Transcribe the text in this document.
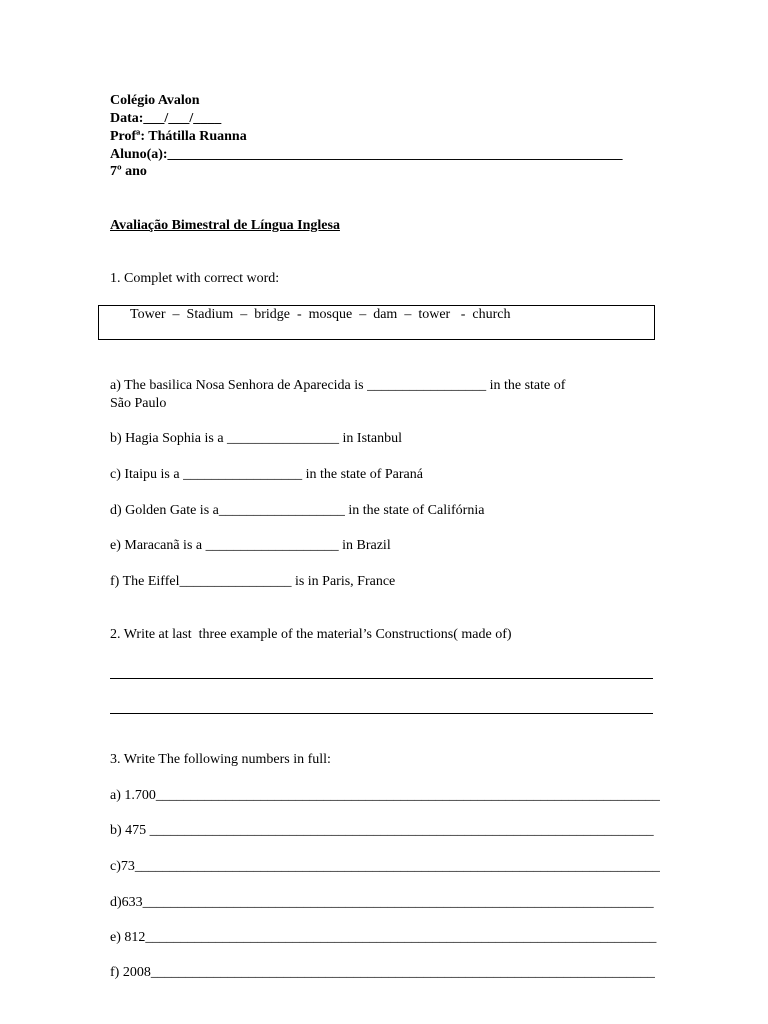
Colégio Avalon
Data:___/___/____
Profª: Thátilla Ruanna
Aluno(a):_________________________________________________________________
7º ano
Avaliação Bimestral de Língua Inglesa
1. Complet with correct word:
Tower  –  Stadium  –  bridge  -  mosque  –  dam  –  tower   -  church
a) The basilica Nosa Senhora de Aparecida is _________________ in the state of
São Paulo
b) Hagia Sophia is a ________________ in Istanbul
c) Itaipu is a _________________ in the state of Paraná
d) Golden Gate is a__________________ in the state of Califórnia
e) Maracanã is a ___________________ in Brazil
f) The Eiffel________________ is in Paris, France
2. Write at last  three example of the material’s Constructions( made of)
3. Write The following numbers in full:
a) 1.700________________________________________________________________________
b) 475 ________________________________________________________________________
c)73___________________________________________________________________________
d)633_________________________________________________________________________
e) 812_________________________________________________________________________
f) 2008________________________________________________________________________
